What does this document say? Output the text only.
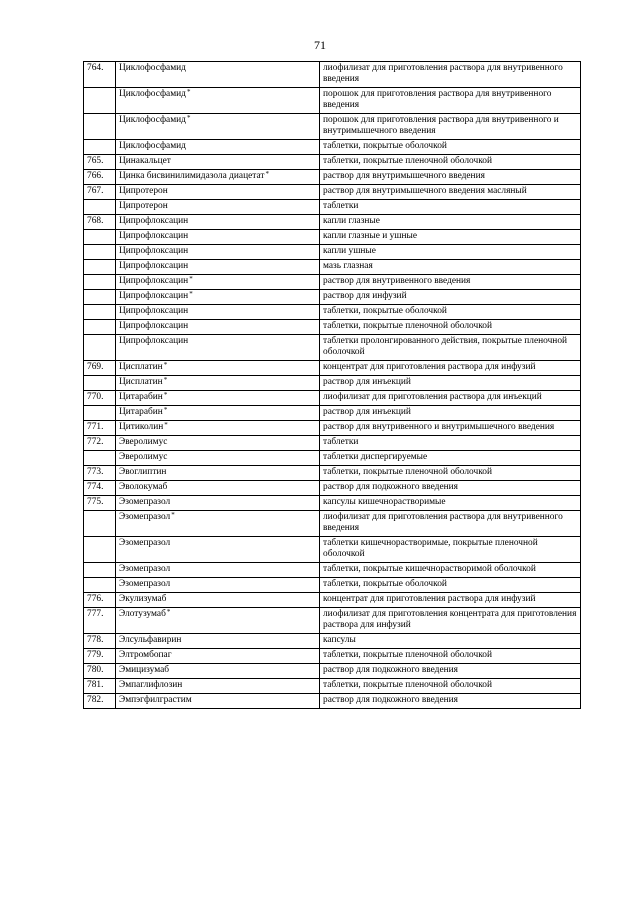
71
764.	Циклофосфамид	лиофилизат для приготовления раствора для внутривенного введения
	Циклофосфамид*	порошок для приготовления раствора для внутривенного введения
	Циклофосфамид*	порошок для приготовления раствора для внутривенного и внутримышечного введения
	Циклофосфамид	таблетки, покрытые оболочкой
765.	Цинакальцет	таблетки, покрытые пленочной оболочкой
766.	Цинка бисвинилимидазола диацетат*	раствор для внутримышечного введения
767.	Ципротерон	раствор для внутримышечного введения масляный
	Ципротерон	таблетки
768.	Ципрофлоксацин	капли глазные
	Ципрофлоксацин	капли глазные и ушные
	Ципрофлоксацин	капли ушные
	Ципрофлоксацин	мазь глазная
	Ципрофлоксацин*	раствор для внутривенного введения
	Ципрофлоксацин*	раствор для инфузий
	Ципрофлоксацин	таблетки, покрытые оболочкой
	Ципрофлоксацин	таблетки, покрытые пленочной оболочкой
	Ципрофлоксацин	таблетки пролонгированного действия, покрытые пленочной оболочкой
769.	Цисплатин*	концентрат для приготовления раствора для инфузий
	Цисплатин*	раствор для инъекций
770.	Цитарабин*	лиофилизат для приготовления раствора для инъекций
	Цитарабин*	раствор для инъекций
771.	Цитиколин*	раствор для внутривенного и внутримышечного введения
772.	Эверолимус	таблетки
	Эверолимус	таблетки диспергируемые
773.	Эвоглиптин	таблетки, покрытые пленочной оболочкой
774.	Эволокумаб	раствор для подкожного введения
775.	Эзомепразол	капсулы кишечнорастворимые
	Эзомепразол*	лиофилизат для приготовления раствора для внутривенного введения
	Эзомепразол	таблетки кишечнорастворимые, покрытые пленочной оболочкой
	Эзомепразол	таблетки, покрытые кишечнорастворимой оболочкой
	Эзомепразол	таблетки, покрытые оболочкой
776.	Экулизумаб	концентрат для приготовления раствора для инфузий
777.	Элотузумаб*	лиофилизат для приготовления концентрата для приготовления раствора для инфузий
778.	Элсульфавирин	капсулы
779.	Элтромбопаг	таблетки, покрытые пленочной оболочкой
780.	Эмицизумаб	раствор для подкожного введения
781.	Эмпаглифлозин	таблетки, покрытые пленочной оболочкой
782.	Эмпэгфилграстим	раствор для подкожного введения
